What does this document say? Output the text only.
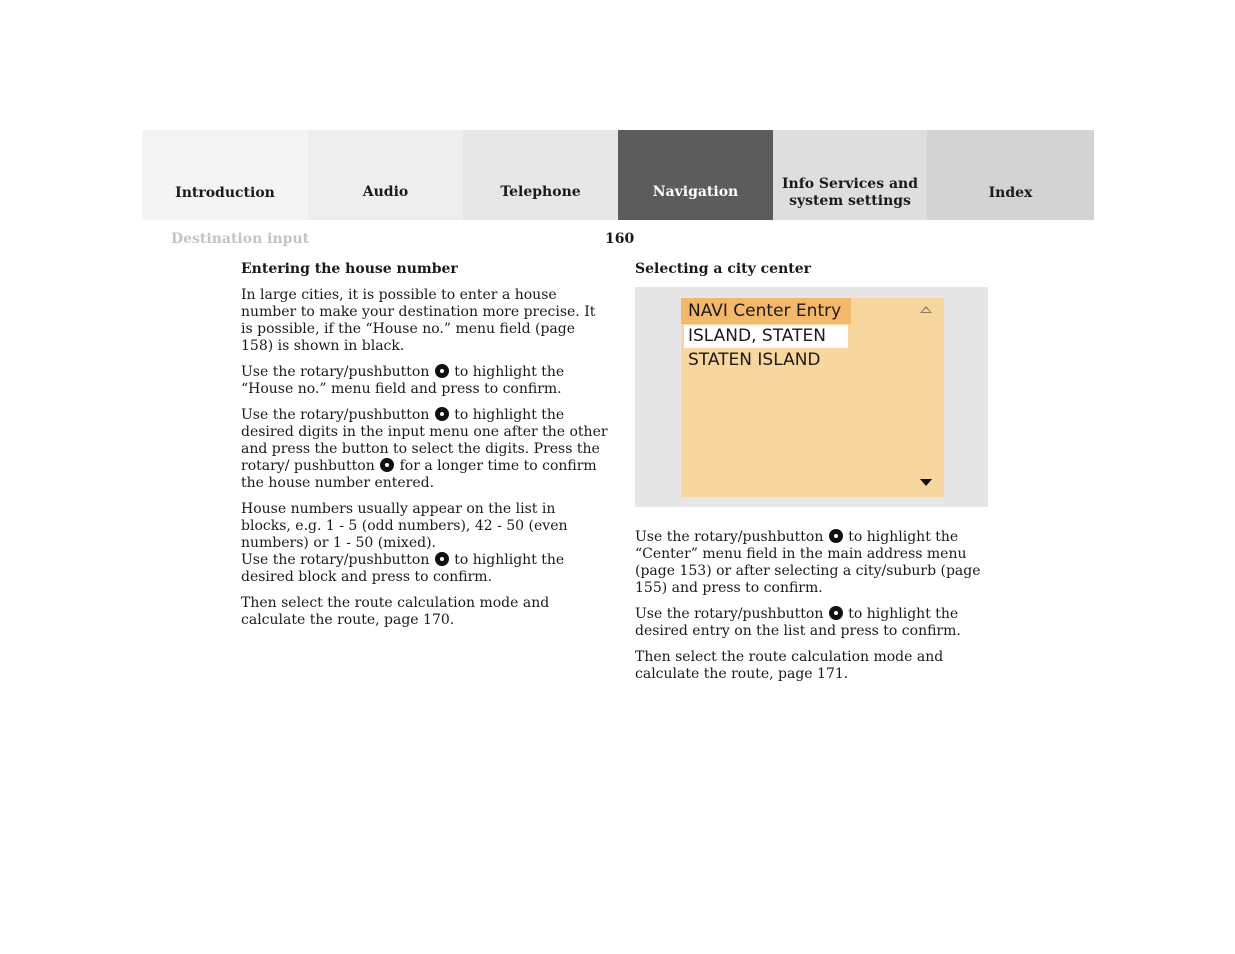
Introduction	Audio	Telephone	Navigation	Info Services and
system settings	Index
Destination input	160
Entering the house number

In large cities, it is possible to enter a house number to make your destination more precise. It is possible, if the “House no.” menu field (page 158) is shown in black.

Use the rotary/pushbutton to highlight the
“House no.” menu field and press to confirm.

Use the rotary/pushbutton to highlight the desired digits in the input menu one after the other and press the button to select the digits. Press the rotary/ pushbutton for a longer time to confirm the house number entered.

House numbers usually appear on the list in blocks, e.g. 1 - 5 (odd numbers), 42 - 50 (even numbers) or 1 - 50 (mixed).

Use the rotary/pushbutton to highlight the desired block and press to confirm.

Then select the route calculation mode and calculate the route, page 170.

Selecting a city center
NAVI Center Entry
ISLAND, STATEN
STATEN ISLAND

Use the rotary/pushbutton to highlight the “Center” menu field in the main address menu (page 153) or after selecting a city/suburb (page 155) and press to confirm.

Use the rotary/pushbutton to highlight the desired entry on the list and press to confirm.

Then select the route calculation mode and calculate the route, page 171.
